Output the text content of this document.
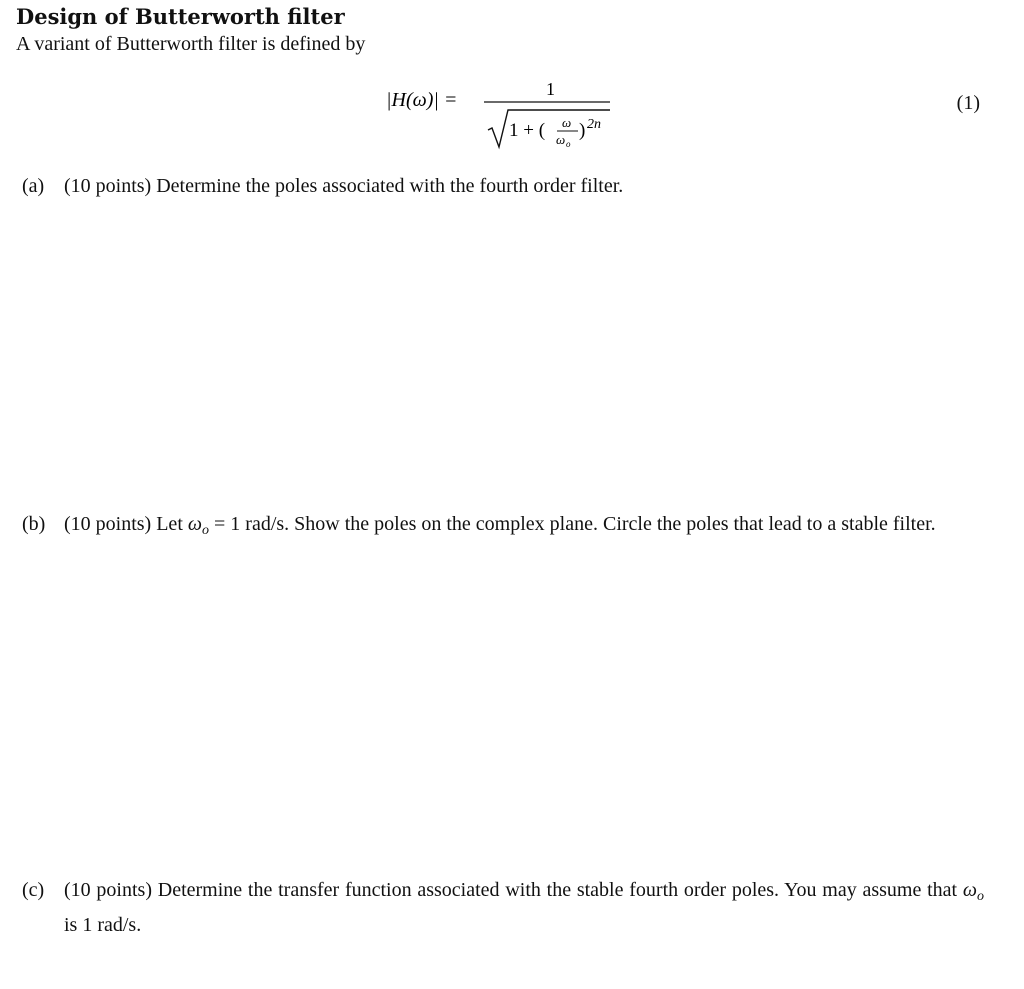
Design of Butterworth filter
A variant of Butterworth filter is defined by
|H(ω)| =	1
1 + ( ω
ω o
) 2n
(1)
(a) (10 points) Determine the poles associated with the fourth order filter.
(b) (10 points) Let $\omega_o = 1$ rad/s. Show the poles on the complex plane. Circle the poles that lead to a stable filter.
(c) (10 points) Determine the transfer function associated with the stable fourth order poles. You may assume that $\omega_o$ is 1 rad/s.
